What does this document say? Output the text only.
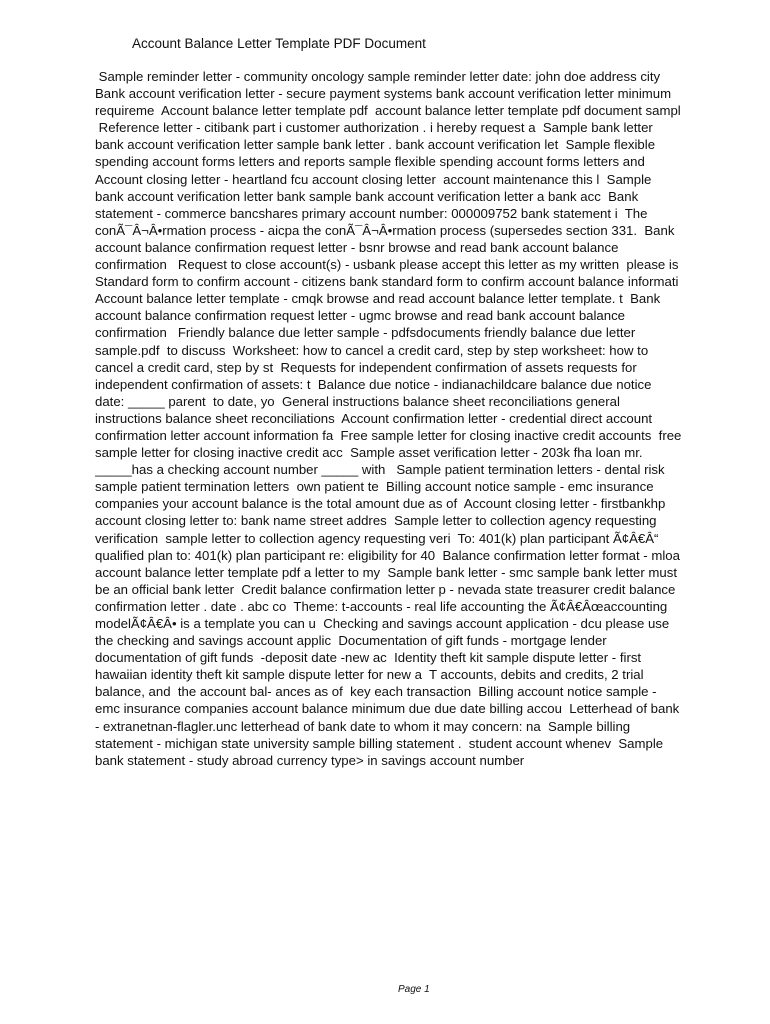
Account Balance Letter Template PDF Document
Sample reminder letter - community oncology sample reminder letter date: john doe address city
Bank account verification letter - secure payment systems bank account verification letter minimum
requireme  Account balance letter template pdf  account balance letter template pdf document sampl
Reference letter - citibank part i customer authorization . i hereby request a  Sample bank letter
bank account verification letter sample bank letter . bank account verification let  Sample flexible
spending account forms letters and reports sample flexible spending account forms letters and
Account closing letter - heartland fcu account closing letter  account maintenance this l  Sample
bank account verification letter bank sample bank account verification letter a bank acc  Bank
statement - commerce bancshares primary account number: 000009752 bank statement i  The
conÃ¯Â¬Â•rmation process - aicpa the conÃ¯Â¬Â•rmation process (supersedes section 331.  Bank
account balance confirmation request letter - bsnr browse and read bank account balance
confirmation   Request to close account(s) - usbank please accept this letter as my written  please is
Standard form to confirm account - citizens bank standard form to confirm account balance informati
Account balance letter template - cmqk browse and read account balance letter template. t  Bank
account balance confirmation request letter - ugmc browse and read bank account balance
confirmation   Friendly balance due letter sample - pdfsdocuments friendly balance due letter
sample.pdf  to discuss  Worksheet: how to cancel a credit card, step by step worksheet: how to
cancel a credit card, step by st  Requests for independent confirmation of assets requests for
independent confirmation of assets: t  Balance due notice - indianachildcare balance due notice
date: _____ parent  to date, yo  General instructions balance sheet reconciliations general
instructions balance sheet reconciliations  Account confirmation letter - credential direct account
confirmation letter account information fa  Free sample letter for closing inactive credit accounts  free
sample letter for closing inactive credit acc  Sample asset verification letter - 203k fha loan mr.
_____has a checking account number _____ with   Sample patient termination letters - dental risk
sample patient termination letters  own patient te  Billing account notice sample - emc insurance
companies your account balance is the total amount due as of  Account closing letter - firstbankhp
account closing letter to: bank name street addres  Sample letter to collection agency requesting
verification  sample letter to collection agency requesting veri  To: 401(k) plan participant Ã¢Â€Â“
qualified plan to: 401(k) plan participant re: eligibility for 40  Balance confirmation letter format - mloa
account balance letter template pdf a letter to my  Sample bank letter - smc sample bank letter must
be an official bank letter  Credit balance confirmation letter p - nevada state treasurer credit balance
confirmation letter . date . abc co  Theme: t-accounts - real life accounting the Ã¢Â€Âœaccounting
modelÃ¢Â€Â• is a template you can u  Checking and savings account application - dcu please use
the checking and savings account applic  Documentation of gift funds - mortgage lender
documentation of gift funds  -deposit date -new ac  Identity theft kit sample dispute letter - first
hawaiian identity theft kit sample dispute letter for new a  T accounts, debits and credits, 2 trial
balance, and  the account bal- ances as of  key each transaction  Billing account notice sample -
emc insurance companies account balance minimum due due date billing accou  Letterhead of bank
- extranetnan-flagler.unc letterhead of bank date to whom it may concern: na  Sample billing
statement - michigan state university sample billing statement .  student account whenev  Sample
bank statement - study abroad currency type> in savings account number
Page 1
